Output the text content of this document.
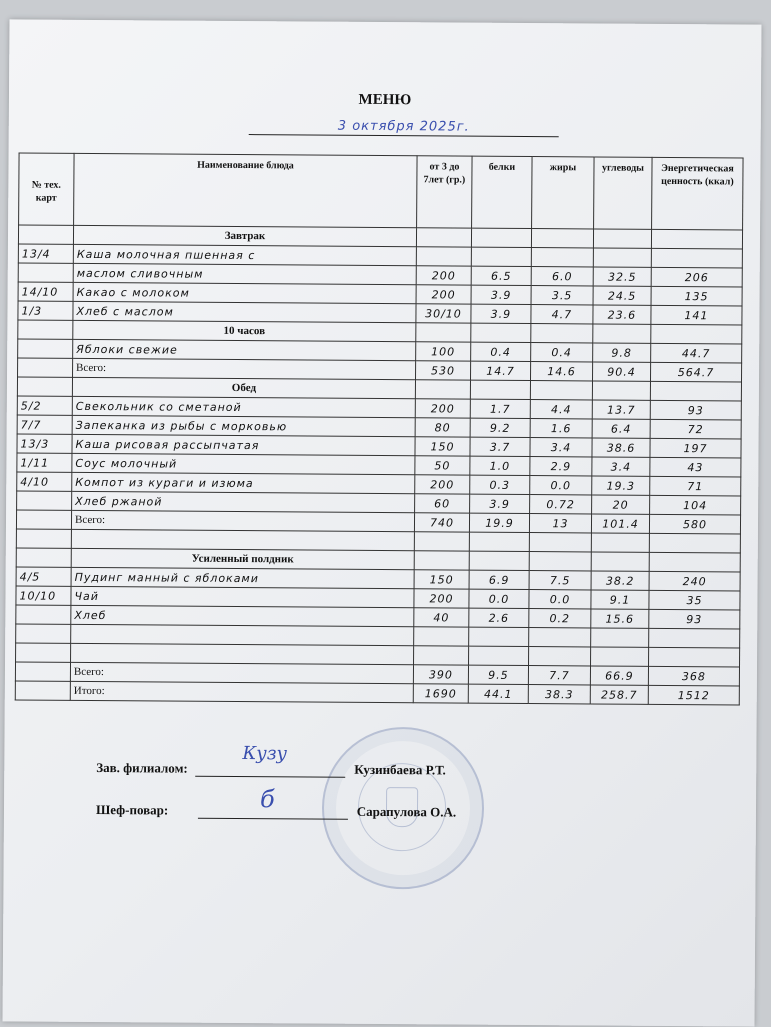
МЕНЮ
3 октября 2025г.
№ тех. карт	Наименование блюда	от 3 до 7лет (гр.)	белки	жиры	углеводы	Энергетическая ценность (ккал)
	Завтрак					
13/4	Каша молочная пшенная с					
	маслом сливочным	200	6.5	6.0	32.5	206
14/10	Какао с молоком	200	3.9	3.5	24.5	135
1/3	Хлеб с маслом	30/10	3.9	4.7	23.6	141
	10 часов					
	Яблоки свежие	100	0.4	0.4	9.8	44.7
	Всего:	530	14.7	14.6	90.4	564.7
	Обед					
5/2	Свекольник со сметаной	200	1.7	4.4	13.7	93
7/7	Запеканка из рыбы с морковью	80	9.2	1.6	6.4	72
13/3	Каша рисовая рассыпчатая	150	3.7	3.4	38.6	197
1/11	Соус молочный	50	1.0	2.9	3.4	43
4/10	Компот из кураги и изюма	200	0.3	0.0	19.3	71
	Хлеб ржаной	60	3.9	0.72	20	104
	Всего:	740	19.9	13	101.4	580

	Усиленный полдник					
4/5	Пудинг манный с яблоками	150	6.9	7.5	38.2	240
10/10	Чай	200	0.0	0.0	9.1	35
	Хлеб	40	2.6	0.2	15.6	93

	Всего:	390	9.5	7.7	66.9	368
	Итого:	1690	44.1	38.3	258.7	1512
Зав. филиалом:	Кузинбаева Р.Т.
Кузу
Шеф-повар:	Сарапулова О.А.
б
